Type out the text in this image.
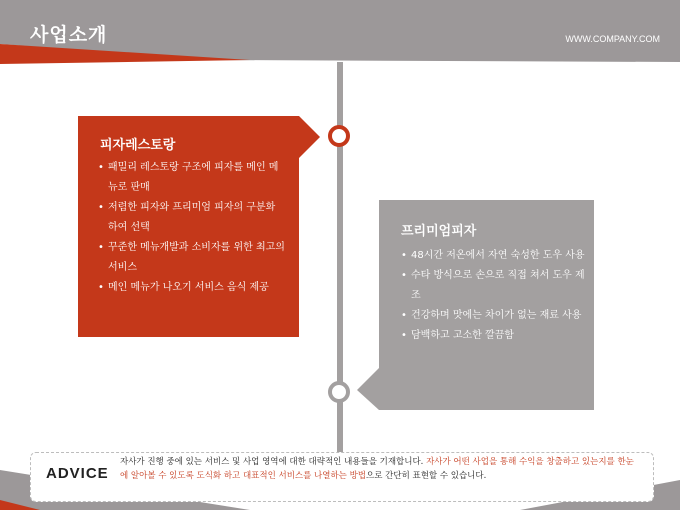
사업소개	WWW.COMPANY.COM
피자레스토랑
• 패밀리 레스토랑 구조에 피자를 메인 메뉴로 판매
• 저렴한 피자와 프리미엄 피자의 구분화 하여 선택
• 꾸준한 메뉴개발과 소비자를 위한 최고의 서비스
• 메인 메뉴가 나오기 서비스 음식 제공
프리미엄피자
• 48시간 저온에서 자연 숙성한 도우 사용
• 수타 방식으로 손으로 직접 쳐서 도우 제조
• 건강하며 맛에는 차이가 없는 재료 사용
• 담백하고 고소한 깔끔함
ADVICE
자사가 진행 중에 있는 서비스 및 사업 영역에 대한 대략적인 내용들을 기재합니다. 자사가 어떤 사업을 통해 수익을 창출하고 있는지를 한눈에 알아볼 수 있도록 도식화 하고 대표적인 서비스를 나열하는 방법으로 간단히 표현할 수 있습니다.
